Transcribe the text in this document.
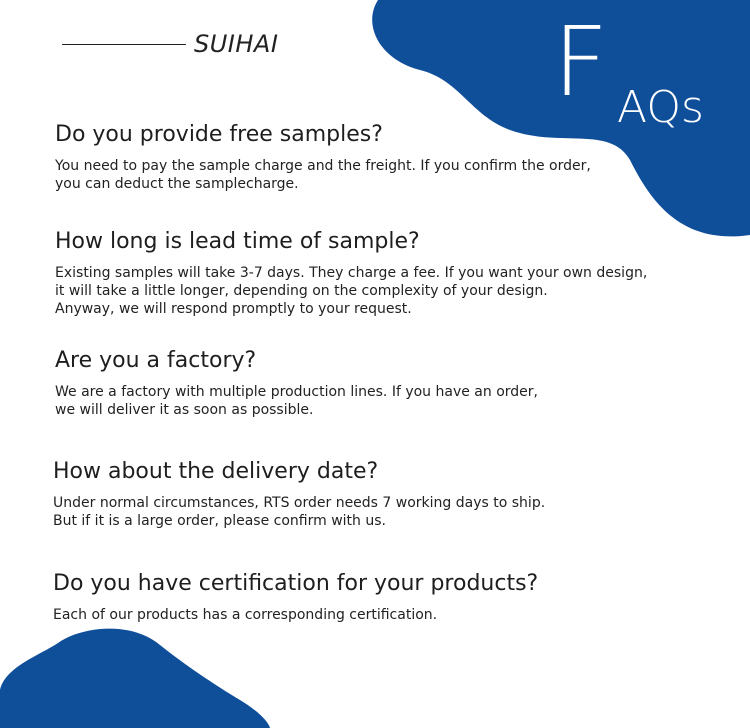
SUIHAI	F AQs
Do you provide free samples?
You need to pay the sample charge and the freight. If you confirm the order,
you can deduct the samplecharge.
How long is lead time of sample?
Existing samples will take 3-7 days. They charge a fee. If you want your own design,
it will take a little longer, depending on the complexity of your design.
Anyway, we will respond promptly to your request.
Are you a factory?
We are a factory with multiple production lines. If you have an order,
we will deliver it as soon as possible.
How about the delivery date?
Under normal circumstances, RTS order needs 7 working days to ship.
But if it is a large order, please confirm with us.
Do you have certification for your products?
Each of our products has a corresponding certification.
